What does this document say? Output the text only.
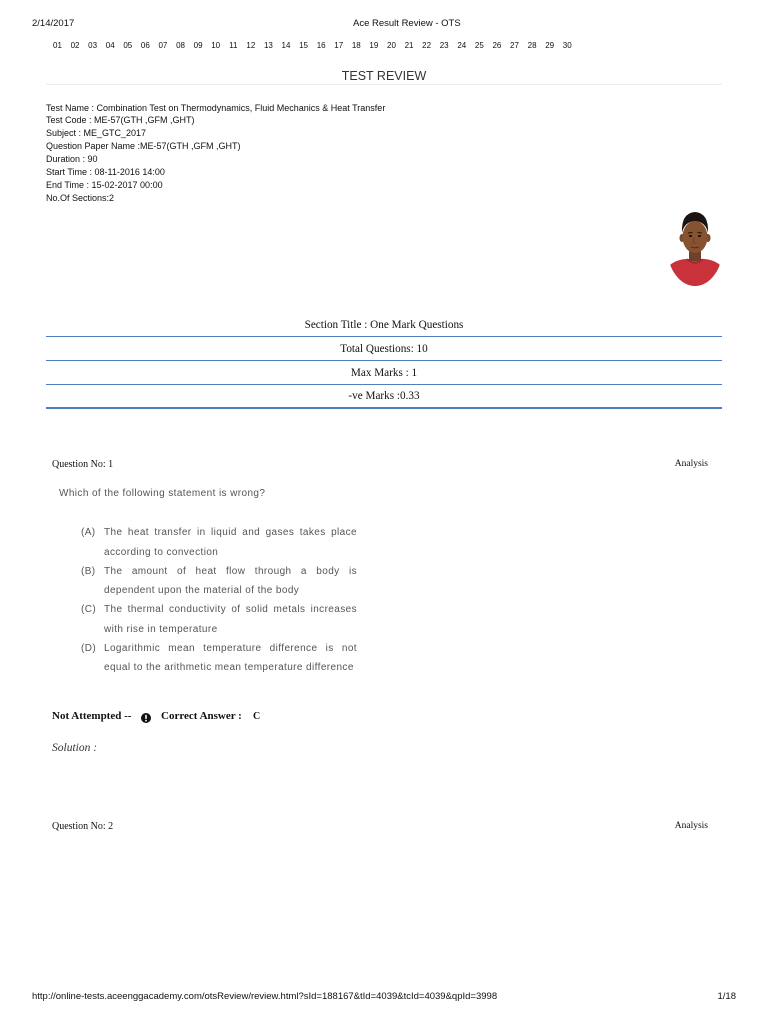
2/14/2017	Ace Result Review - OTS
01	02	03	04	05	06	07	08	09	10	11	12	13	14	15	16	17	18	19	20	21	22	23	24	25	26	27	28	29	30
TEST REVIEW
Test Name : Combination Test on Thermodynamics, Fluid Mechanics & Heat Transfer
Test Code : ME-57(GTH ,GFM ,GHT)
Subject : ME_GTC_2017
Question Paper Name :ME-57(GTH ,GFM ,GHT)
Duration : 90
Start Time : 08-11-2016 14:00
End Time : 15-02-2017 00:00
No.Of Sections:2
Section Title : One Mark Questions
Total Questions: 10
Max Marks : 1
-ve Marks :0.33
Question No: 1	Analysis
Which of the following statement is wrong?
(A) The heat transfer in liquid and gases takes place
according to convection
(B) The amount of heat flow through a body is
dependent upon the material of the body
(C) The thermal conductivity of solid metals increases
with rise in temperature
(D) Logarithmic mean temperature difference is not
equal to the arithmetic mean temperature difference
Not Attempted --	Correct Answer : C
Solution :
Question No: 2	Analysis
http://online-tests.aceenggacademy.com/otsReview/review.html?sId=188167&tId=4039&tcId=4039&qpId=3998	1/18
